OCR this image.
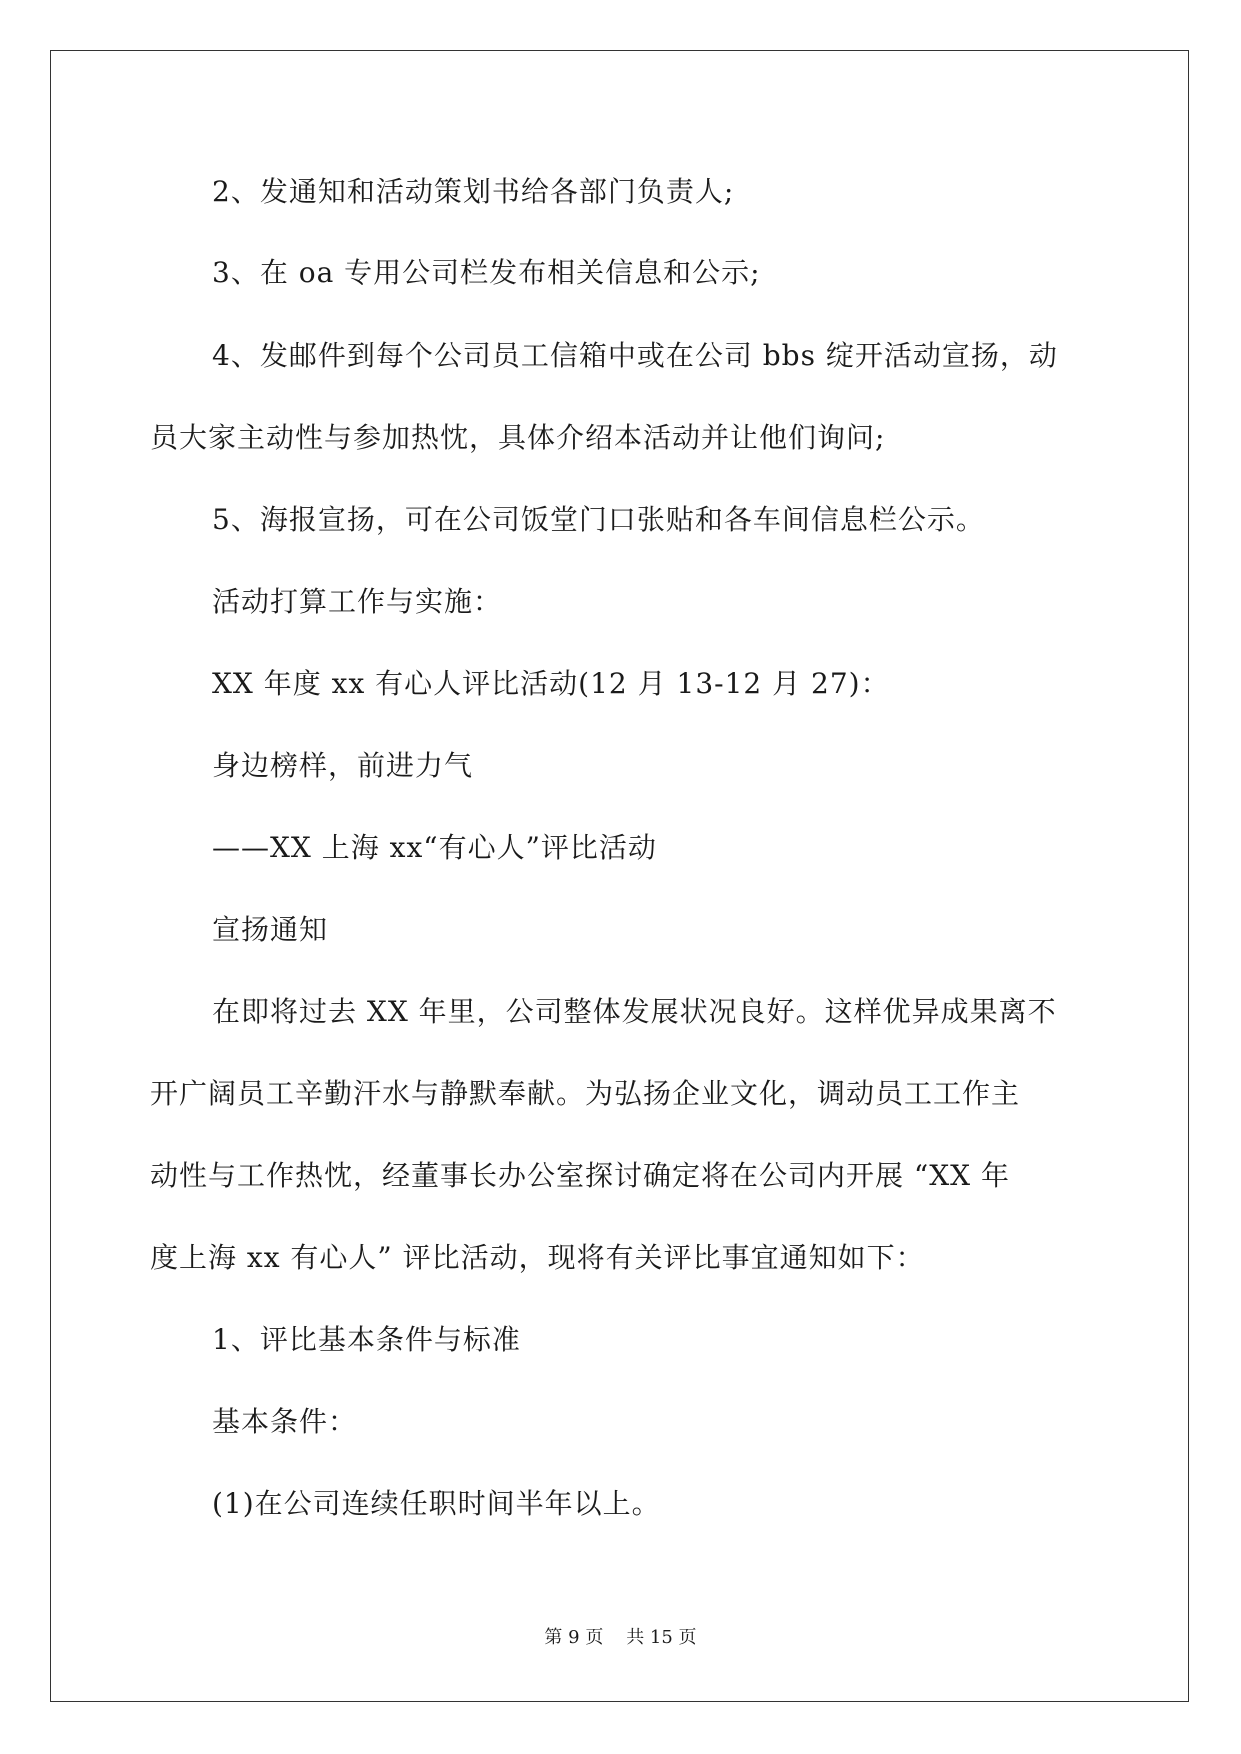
2、发通知和活动策划书给各部门负责人;
3、在 oa 专用公司栏发布相关信息和公示;
4、发邮件到每个公司员工信箱中或在公司 bbs 绽开活动宣扬，动
员大家主动性与参加热忱，具体介绍本活动并让他们询问;
5、海报宣扬，可在公司饭堂门口张贴和各车间信息栏公示。
活动打算工作与实施：
XX 年度 xx 有心人评比活动(12 月 13-12 月 27)：
身边榜样，前进力气
——XX 上海 xx“有心人”评比活动
宣扬通知
在即将过去 XX 年里，公司整体发展状况良好。这样优异成果离不
开广阔员工辛勤汗水与静默奉献。为弘扬企业文化，调动员工工作主
动性与工作热忱，经董事长办公室探讨确定将在公司内开展 “XX 年
度上海 xx 有心人” 评比活动，现将有关评比事宜通知如下：
1、评比基本条件与标准
基本条件：
(1)在公司连续任职时间半年以上。
第 9 页    共 15 页
